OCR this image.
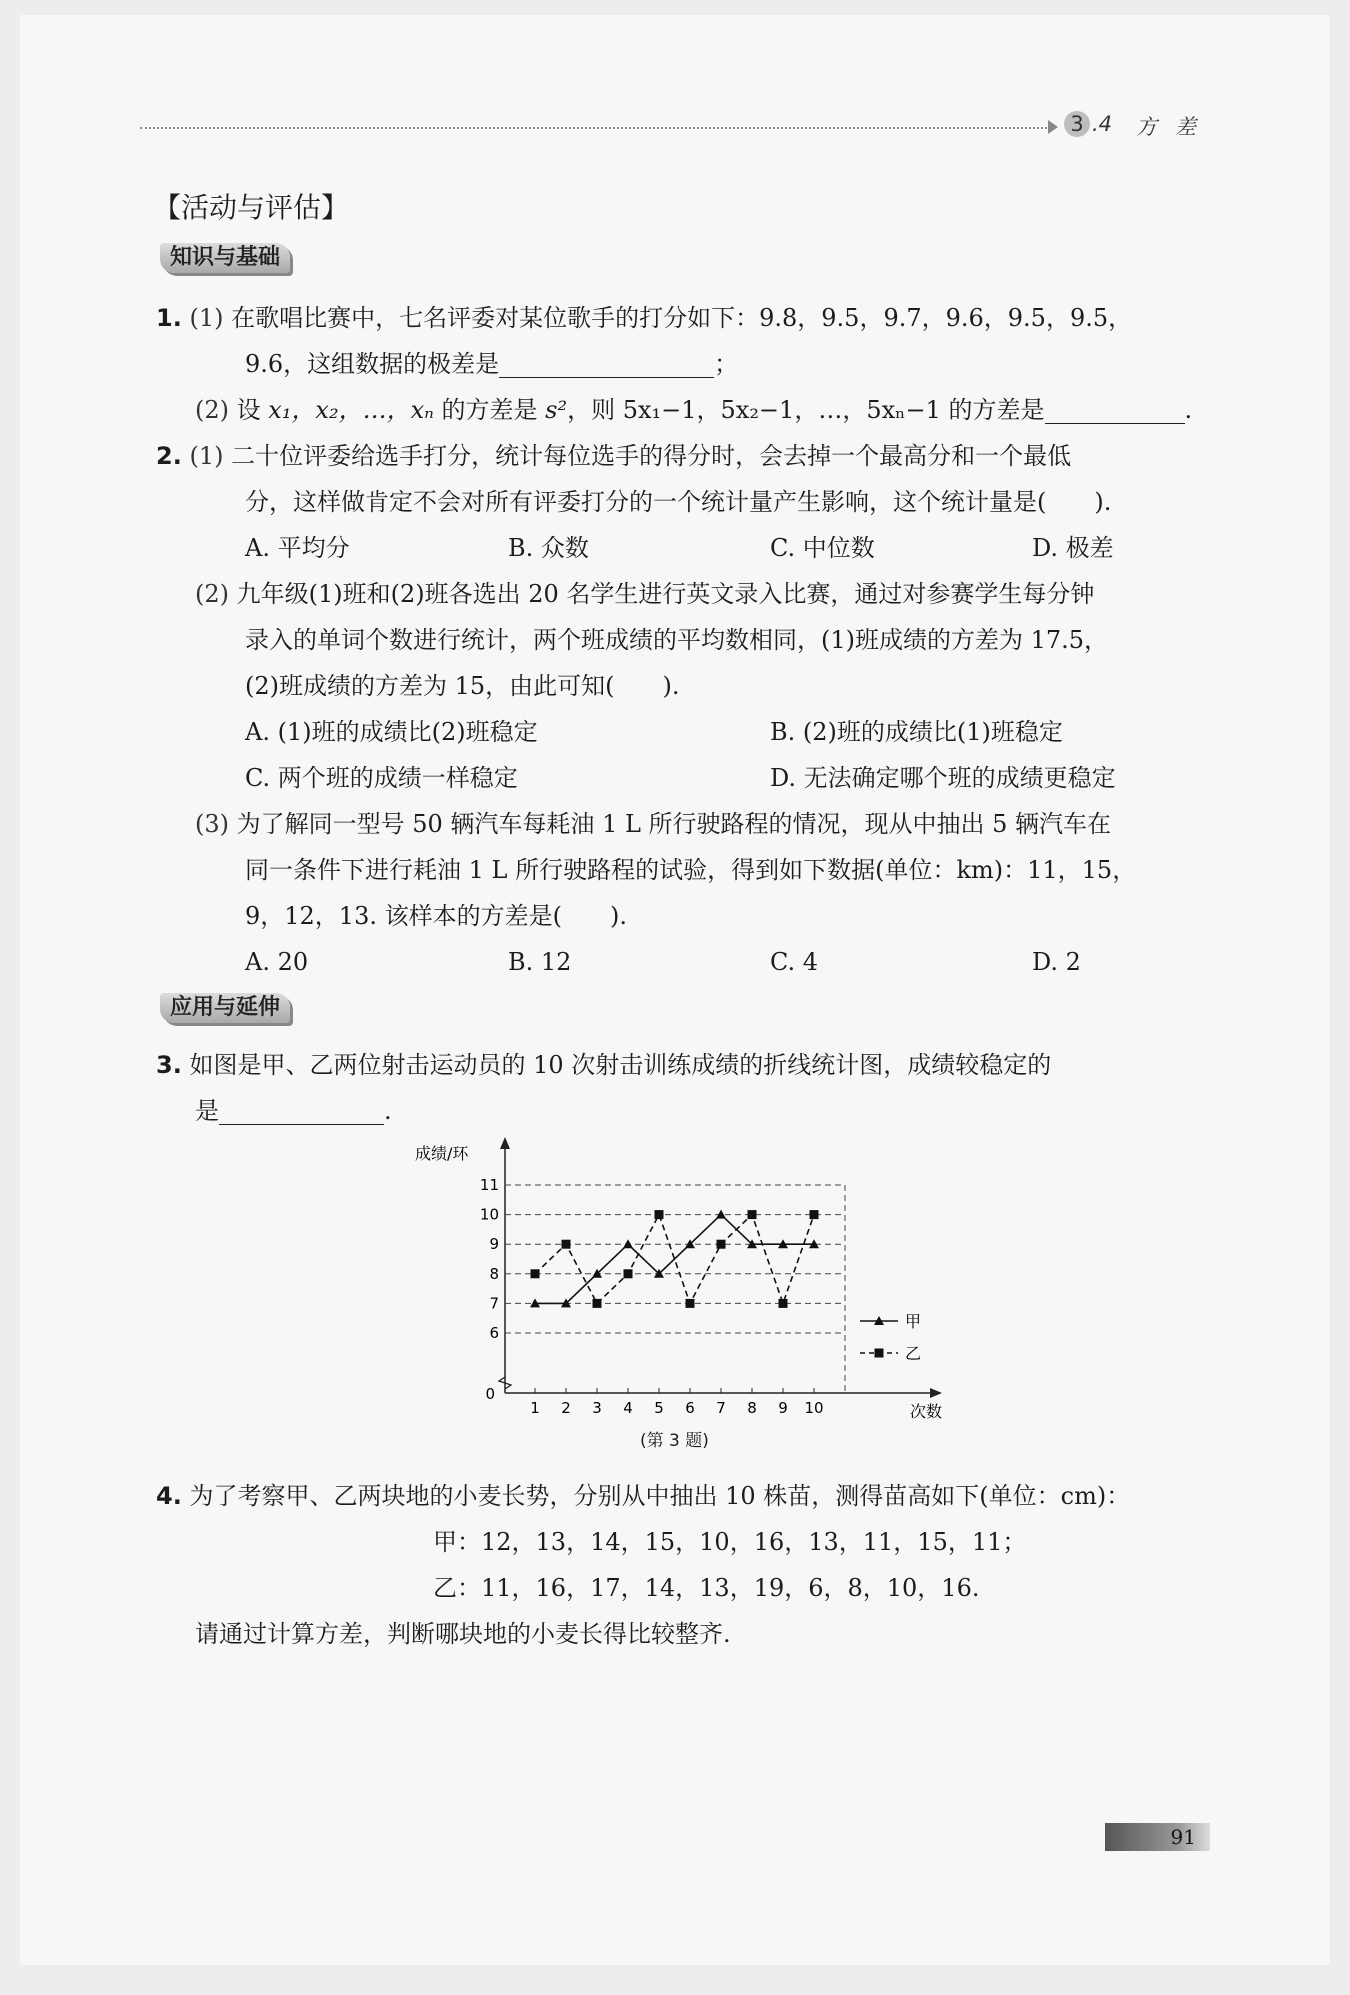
3 .4 方差
【活动与评估】
知识与基础
1. (1) 在歌唱比赛中，七名评委对某位歌手的打分如下：9.8，9.5，9.7，9.6，9.5，9.5，
9.6，这组数据的极差是	；
(2) 设 x₁，x₂，…，xₙ 的方差是 s²，则 5x₁−1，5x₂−1，…，5xₙ−1 的方差是	.
2. (1) 二十位评委给选手打分，统计每位选手的得分时，会去掉一个最高分和一个最低
分，这样做肯定不会对所有评委打分的一个统计量产生影响，这个统计量是(　　).
A. 平均分	B. 众数	C. 中位数	D. 极差
(2) 九年级(1)班和(2)班各选出 20 名学生进行英文录入比赛，通过对参赛学生每分钟
录入的单词个数进行统计，两个班成绩的平均数相同，(1)班成绩的方差为 17.5，
(2)班成绩的方差为 15，由此可知(　　).
A. (1)班的成绩比(2)班稳定	B. (2)班的成绩比(1)班稳定
C. 两个班的成绩一样稳定	D. 无法确定哪个班的成绩更稳定
(3) 为了解同一型号 50 辆汽车每耗油 1 L 所行驶路程的情况，现从中抽出 5 辆汽车在
同一条件下进行耗油 1 L 所行驶路程的试验，得到如下数据(单位：km)：11，15，
9，12，13. 该样本的方差是(　　).
A. 20	B. 12	C. 4	D. 2
应用与延伸
3. 如图是甲、乙两位射击运动员的 10 次射击训练成绩的折线统计图，成绩较稳定的
是	.
0
6
7
8
9
10
11
1 2 3 4 5 6 7 8 9 10
成绩/环
次数
甲
乙
(第 3 题)
4. 为了考察甲、乙两块地的小麦长势，分别从中抽出 10 株苗，测得苗高如下(单位：cm)：
甲：12，13，14，15，10，16，13，11，15，11；
乙：11，16，17，14，13，19，6，8，10，16.
请通过计算方差，判断哪块地的小麦长得比较整齐.
91
